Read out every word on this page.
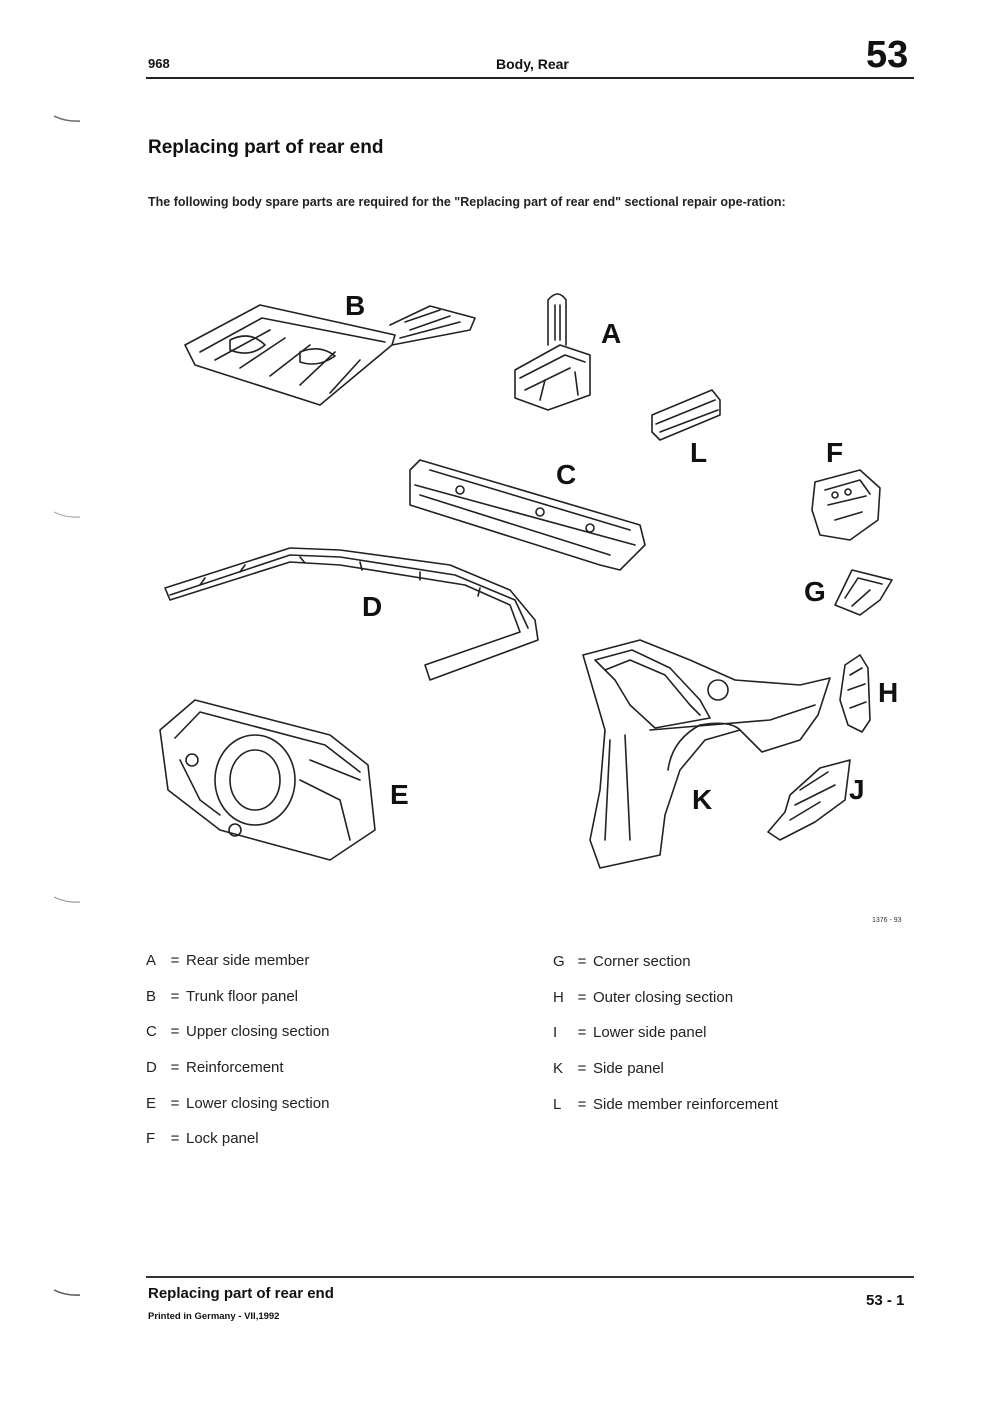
968	Body, Rear	53
Replacing part of rear end
The following body spare parts are required for the "Replacing part of rear end" sectional repair ope-ration:
B
A
L	F
C
G
D
H
J
K
E
1376 - 93
A = Rear side member
B = Trunk floor panel
C = Upper closing section
D = Reinforcement
E = Lower closing section
F	= Lock panel
G = Corner section
H = Outer closing section
I	= Lower side panel
K = Side panel
L	= Side member reinforcement
Replacing part of rear end
Printed in Germany - VII,1992
53 - 1
